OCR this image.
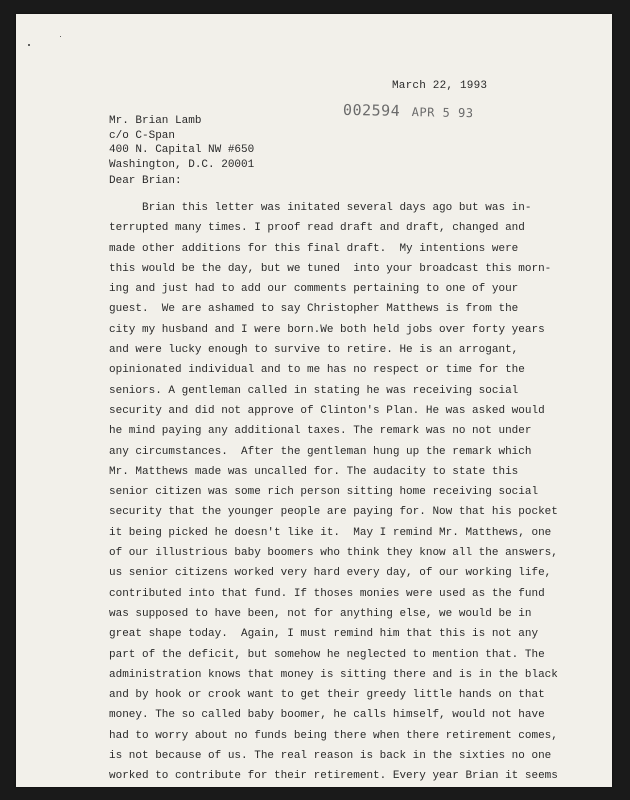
March 22, 1993
002594 APR 5 93
Mr. Brian Lamb
c/o C-Span
400 N. Capital NW #650
Washington, D.C. 20001
Dear Brian:
Brian this letter was initated several days ago but was in-
terrupted many times. I proof read draft and draft, changed and
made other additions for this final draft.  My intentions were
this would be the day, but we tuned  into your broadcast this morn-
ing and just had to add our comments pertaining to one of your
guest.  We are ashamed to say Christopher Matthews is from the
city my husband and I were born.We both held jobs over forty years
and were lucky enough to survive to retire. He is an arrogant,
opinionated individual and to me has no respect or time for the
seniors. A gentleman called in stating he was receiving social
security and did not approve of Clinton's Plan. He was asked would
he mind paying any additional taxes. The remark was no not under
any circumstances.  After the gentleman hung up the remark which
Mr. Matthews made was uncalled for. The audacity to state this
senior citizen was some rich person sitting home receiving social
security that the younger people are paying for. Now that his pocket
it being picked he doesn't like it.  May I remind Mr. Matthews, one
of our illustrious baby boomers who think they know all the answers,
us senior citizens worked very hard every day, of our working life,
contributed into that fund. If thoses monies were used as the fund
was supposed to have been, not for anything else, we would be in
great shape today.  Again, I must remind him that this is not any
part of the deficit, but somehow he neglected to mention that. The
administration knows that money is sitting there and is in the black
and by hook or crook want to get their greedy little hands on that
money. The so called baby boomer, he calls himself, would not have
had to worry about no funds being there when there retirement comes,
is not because of us. The real reason is back in the sixties no one
worked to contribute for their retirement. Every year Brian it seems
